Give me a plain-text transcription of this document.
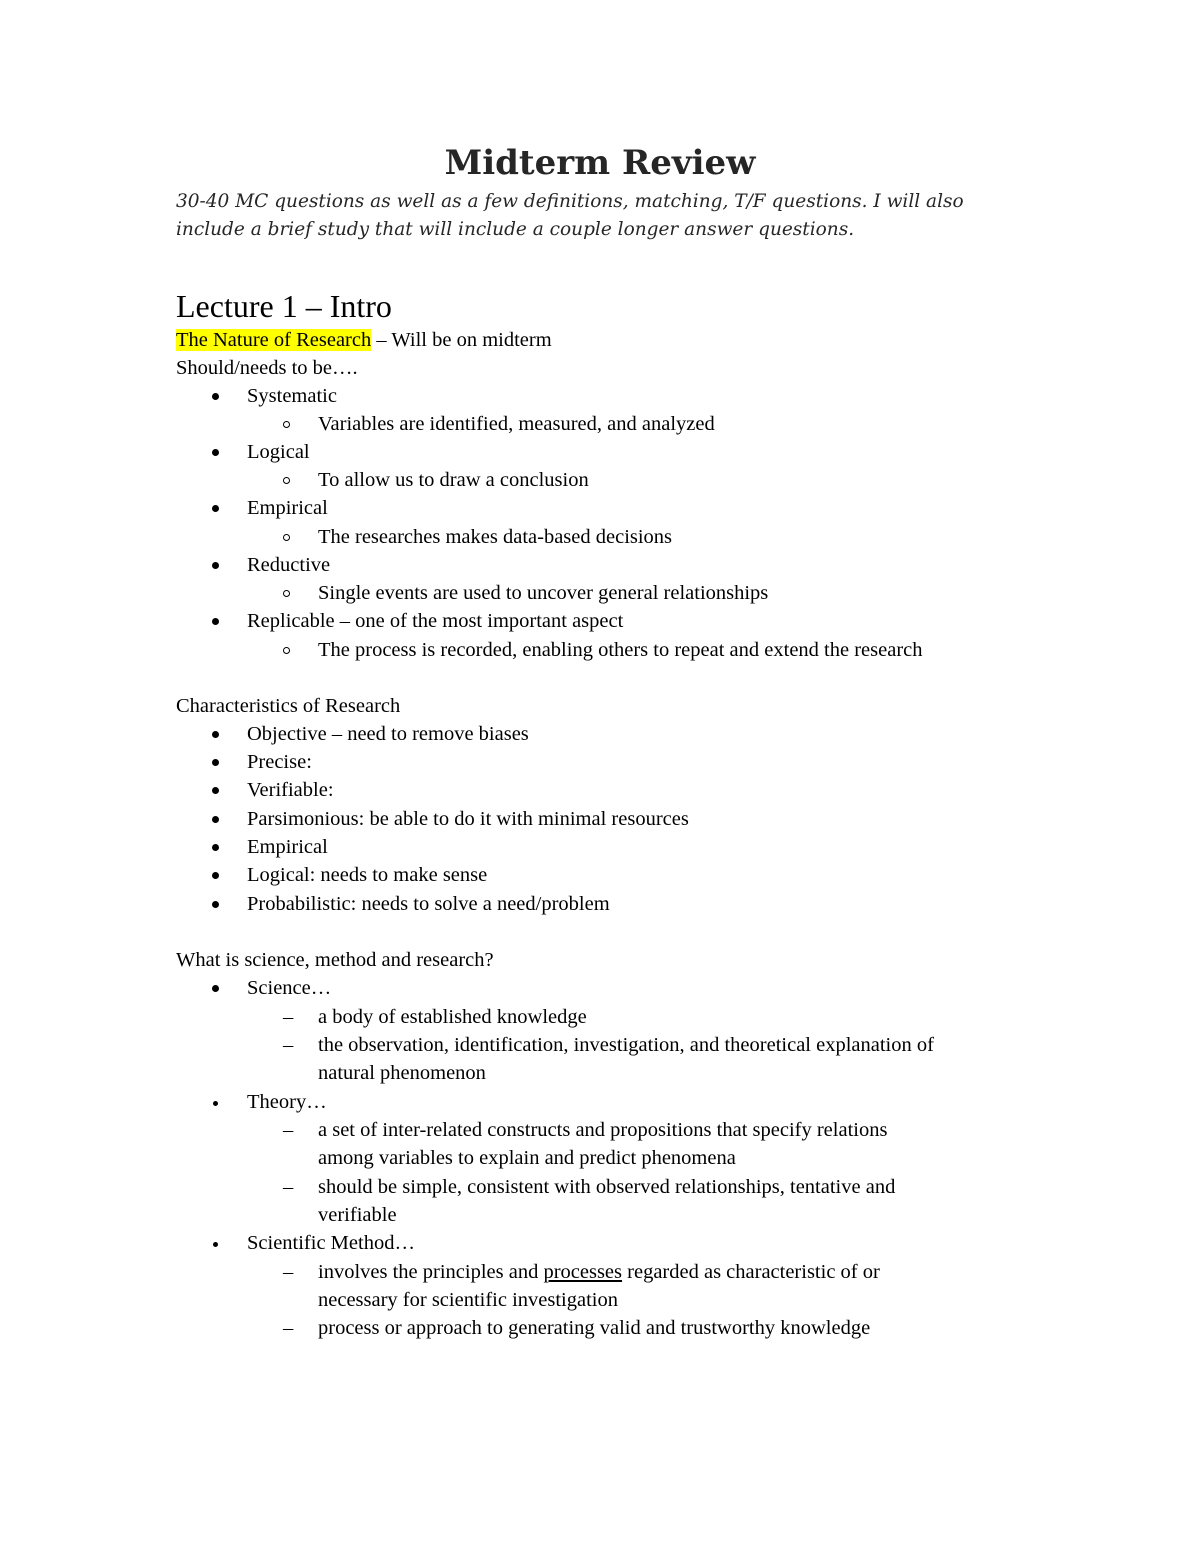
Midterm Review
30-40 MC questions as well as a few definitions, matching, T/F questions. I will also
include a brief study that will include a couple longer answer questions.
Lecture 1 – Intro
The Nature of Research – Will be on midterm
Should/needs to be….
Systematic
Variables are identified, measured, and analyzed
Logical
To allow us to draw a conclusion
Empirical
The researches makes data-based decisions
Reductive
Single events are used to uncover general relationships
Replicable – one of the most important aspect
The process is recorded, enabling others to repeat and extend the research
Characteristics of Research
Objective – need to remove biases
Precise:
Verifiable:
Parsimonious: be able to do it with minimal resources
Empirical
Logical: needs to make sense
Probabilistic: needs to solve a need/problem
What is science, method and research?
Science…
– a body of established knowledge
– the observation, identification, investigation, and theoretical explanation of
natural phenomenon
Theory…
– a set of inter-related constructs and propositions that specify relations
among variables to explain and predict phenomena
– should be simple, consistent with observed relationships, tentative and
verifiable
Scientific Method…
– involves the principles and processes regarded as characteristic of or
necessary for scientific investigation
– process or approach to generating valid and trustworthy knowledge
